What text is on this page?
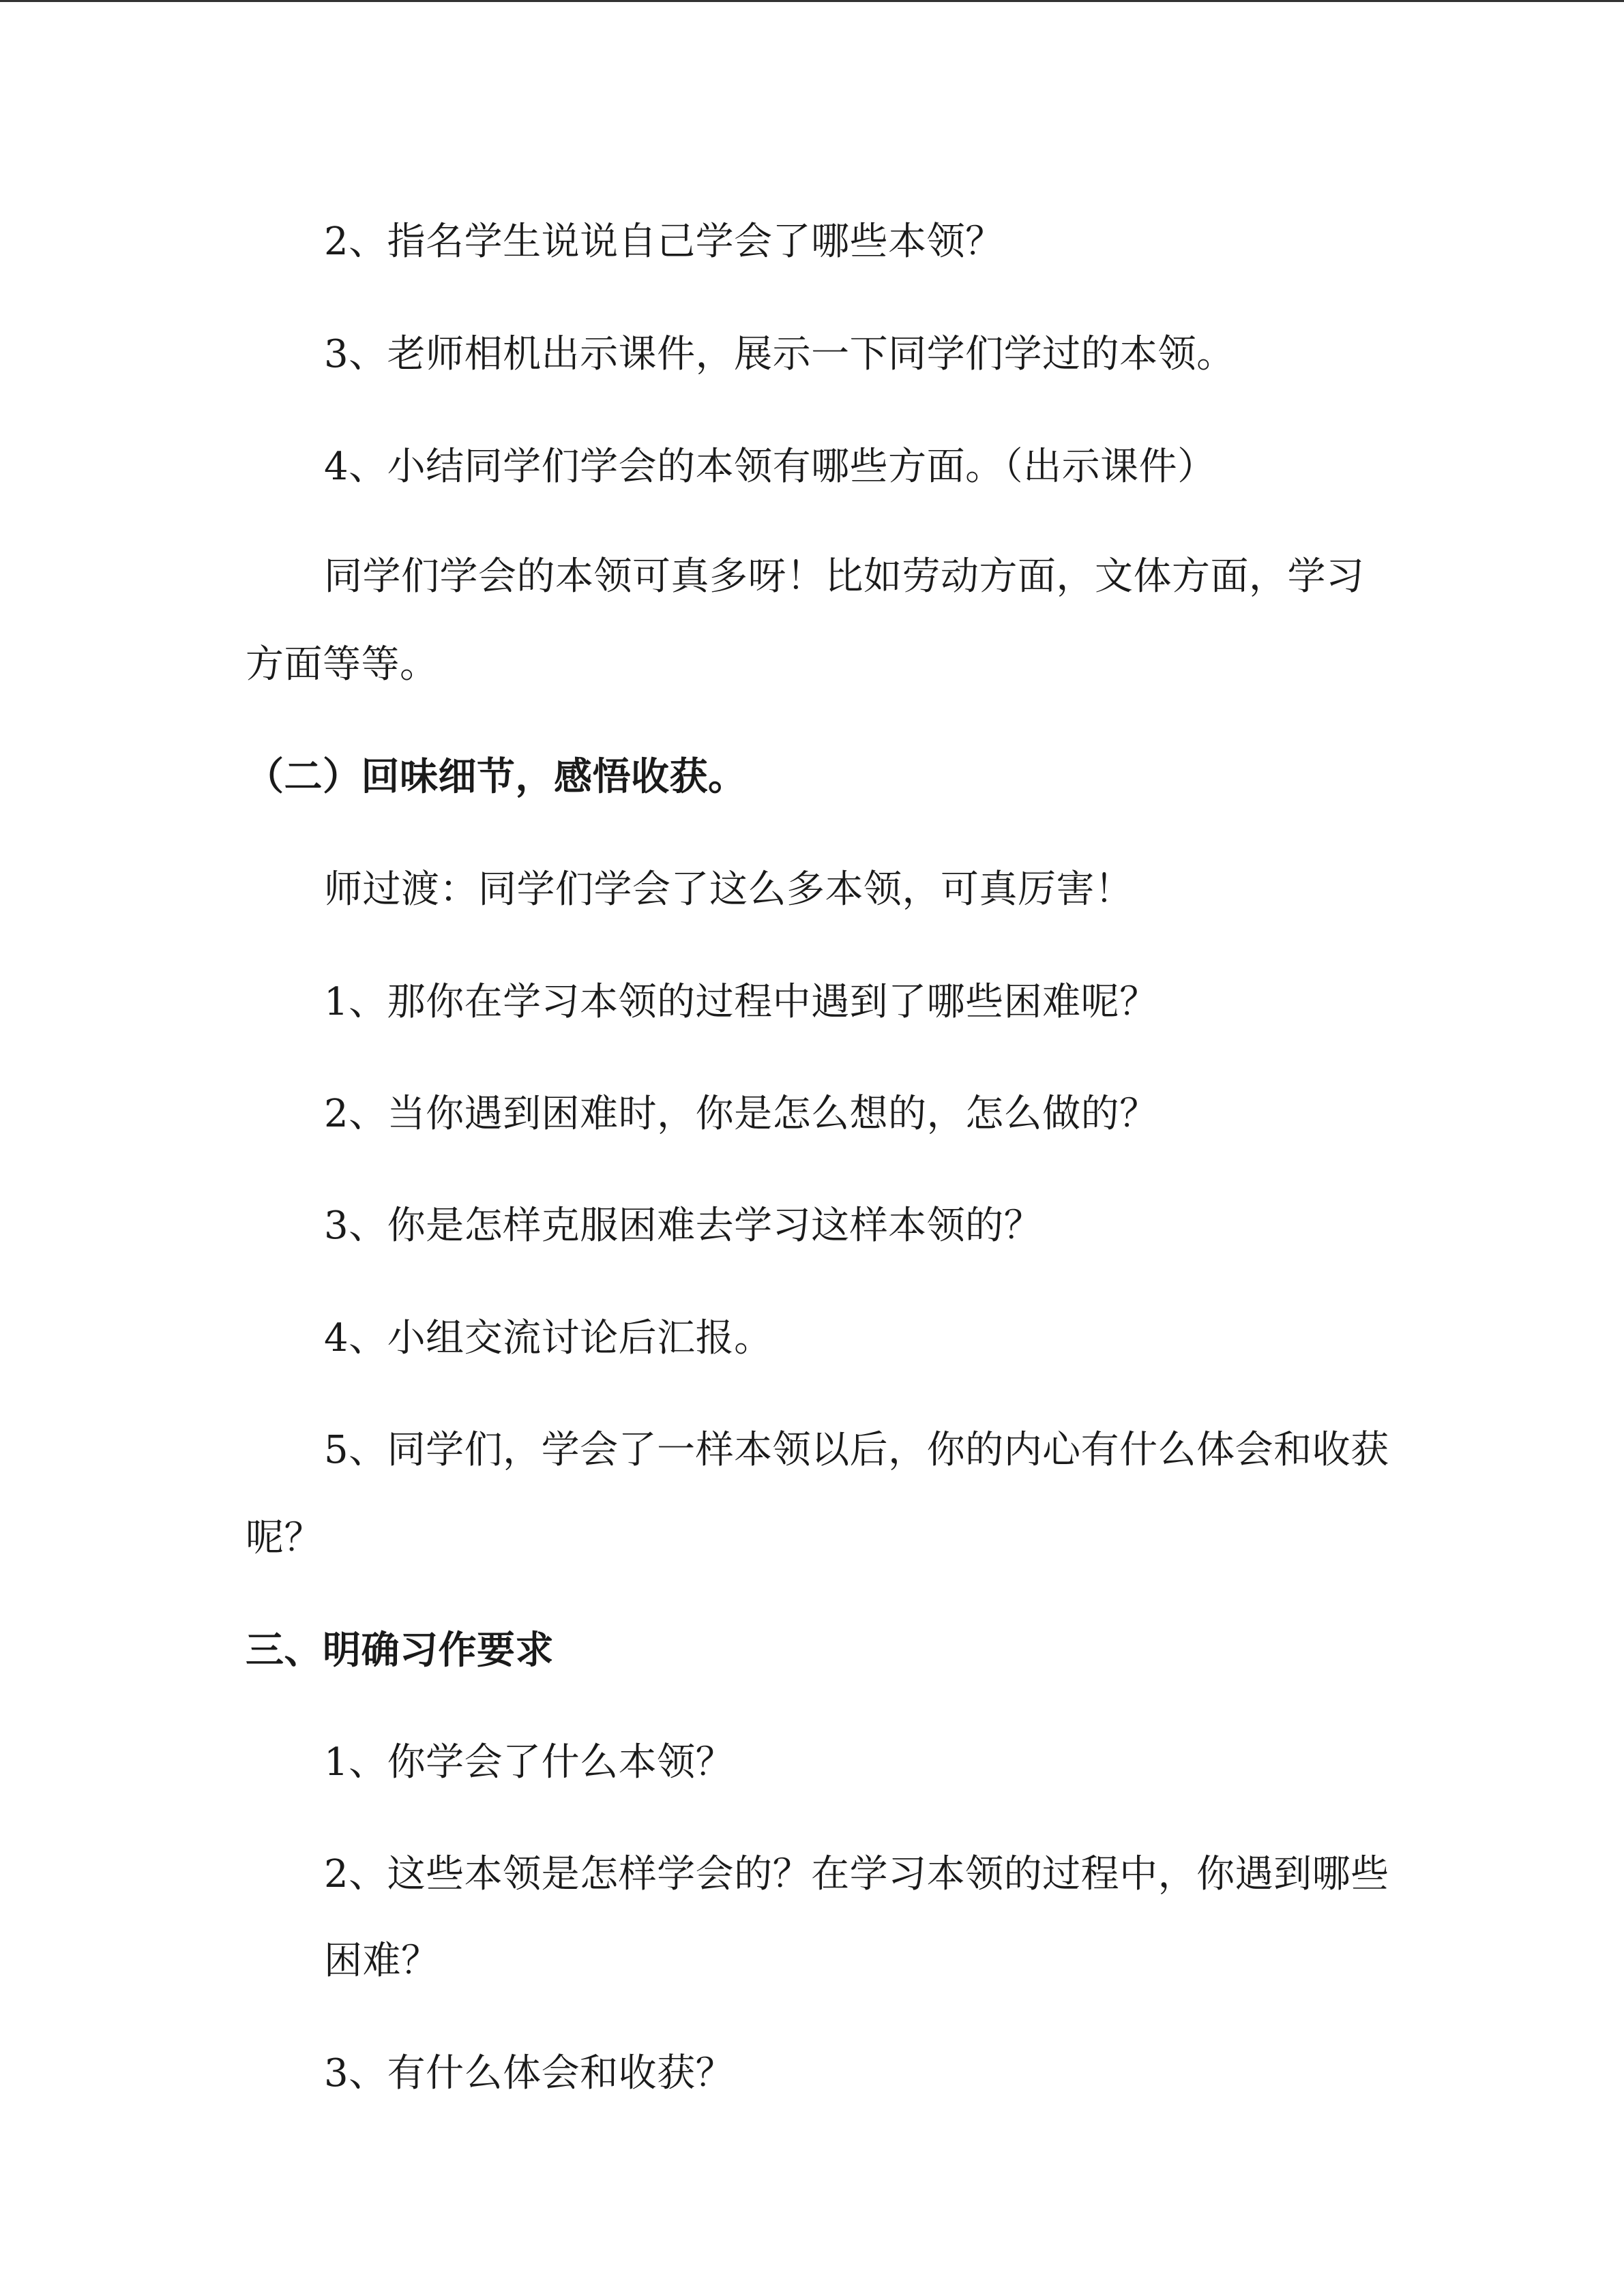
2、指名学生说说自己学会了哪些本领？

3、老师相机出示课件，展示一下同学们学过的本领。

4、小结同学们学会的本领有哪些方面。（出示课件）

同学们学会的本领可真多呀！比如劳动方面，文体方面，学习

方面等等。

（二）回味细节，感悟收获。

师过渡：同学们学会了这么多本领，可真厉害！

1、那你在学习本领的过程中遇到了哪些困难呢？

2、当你遇到困难时，你是怎么想的，怎么做的？

3、你是怎样克服困难去学习这样本领的？

4、小组交流讨论后汇报。

5、同学们，学会了一样本领以后，你的内心有什么体会和收获

呢？

三、明确习作要求

1、你学会了什么本领？

2、这些本领是怎样学会的？在学习本领的过程中，你遇到哪些

困难？

3、有什么体会和收获？
